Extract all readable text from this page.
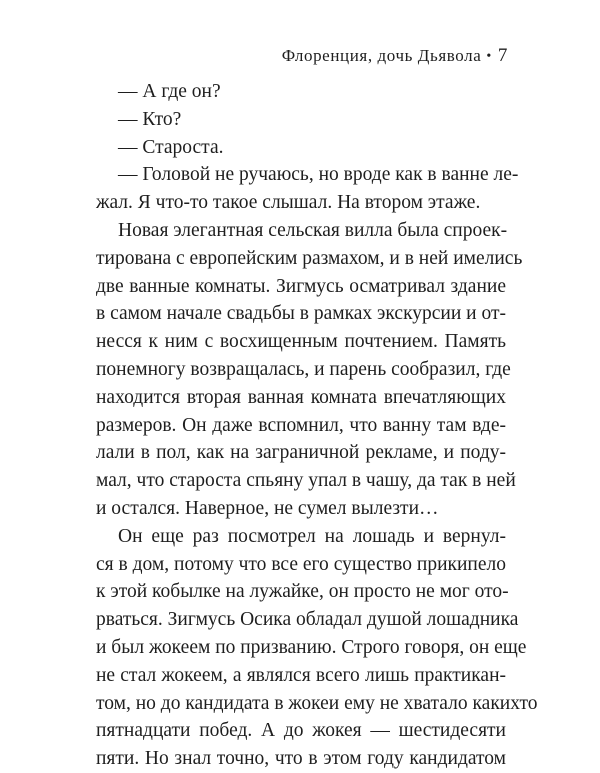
Флоренция, дочь Дьявола • 7
— А где он?
— Кто?
— Староста.
— Головой не ручаюсь, но вроде как в ванне ле-
жал. Я что-то такое слышал. На втором этаже.
Новая элегантная сельская вилла была спроек-
тирована с европейским размахом, и в ней имелись
две ванные комнаты. Зигмусь осматривал здание
в самом начале свадьбы в рамках экскурсии и от-
несся к ним с восхищенным почтением. Память
понемногу возвращалась, и парень сообразил, где
находится вторая ванная комната впечатляющих
размеров. Он даже вспомнил, что ванну там вде-
лали в пол, как на заграничной рекламе, и поду-
мал, что староста спьяну упал в чашу, да так в ней
и остался. Наверное, не сумел вылезти…
Он еще раз посмотрел на лошадь и вернул-
ся в дом, потому что все его существо прикипело
к этой кобылке на лужайке, он просто не мог ото-
рваться. Зигмусь Осика обладал душой лошадника
и был жокеем по призванию. Строго говоря, он еще
не стал жокеем, а являлся всего лишь практикан-
том, но до кандидата в жокеи ему не хватало какихто
пятнадцати побед. А до жокея — шестидесяти
пяти. Но знал точно, что в этом году кандидатом
